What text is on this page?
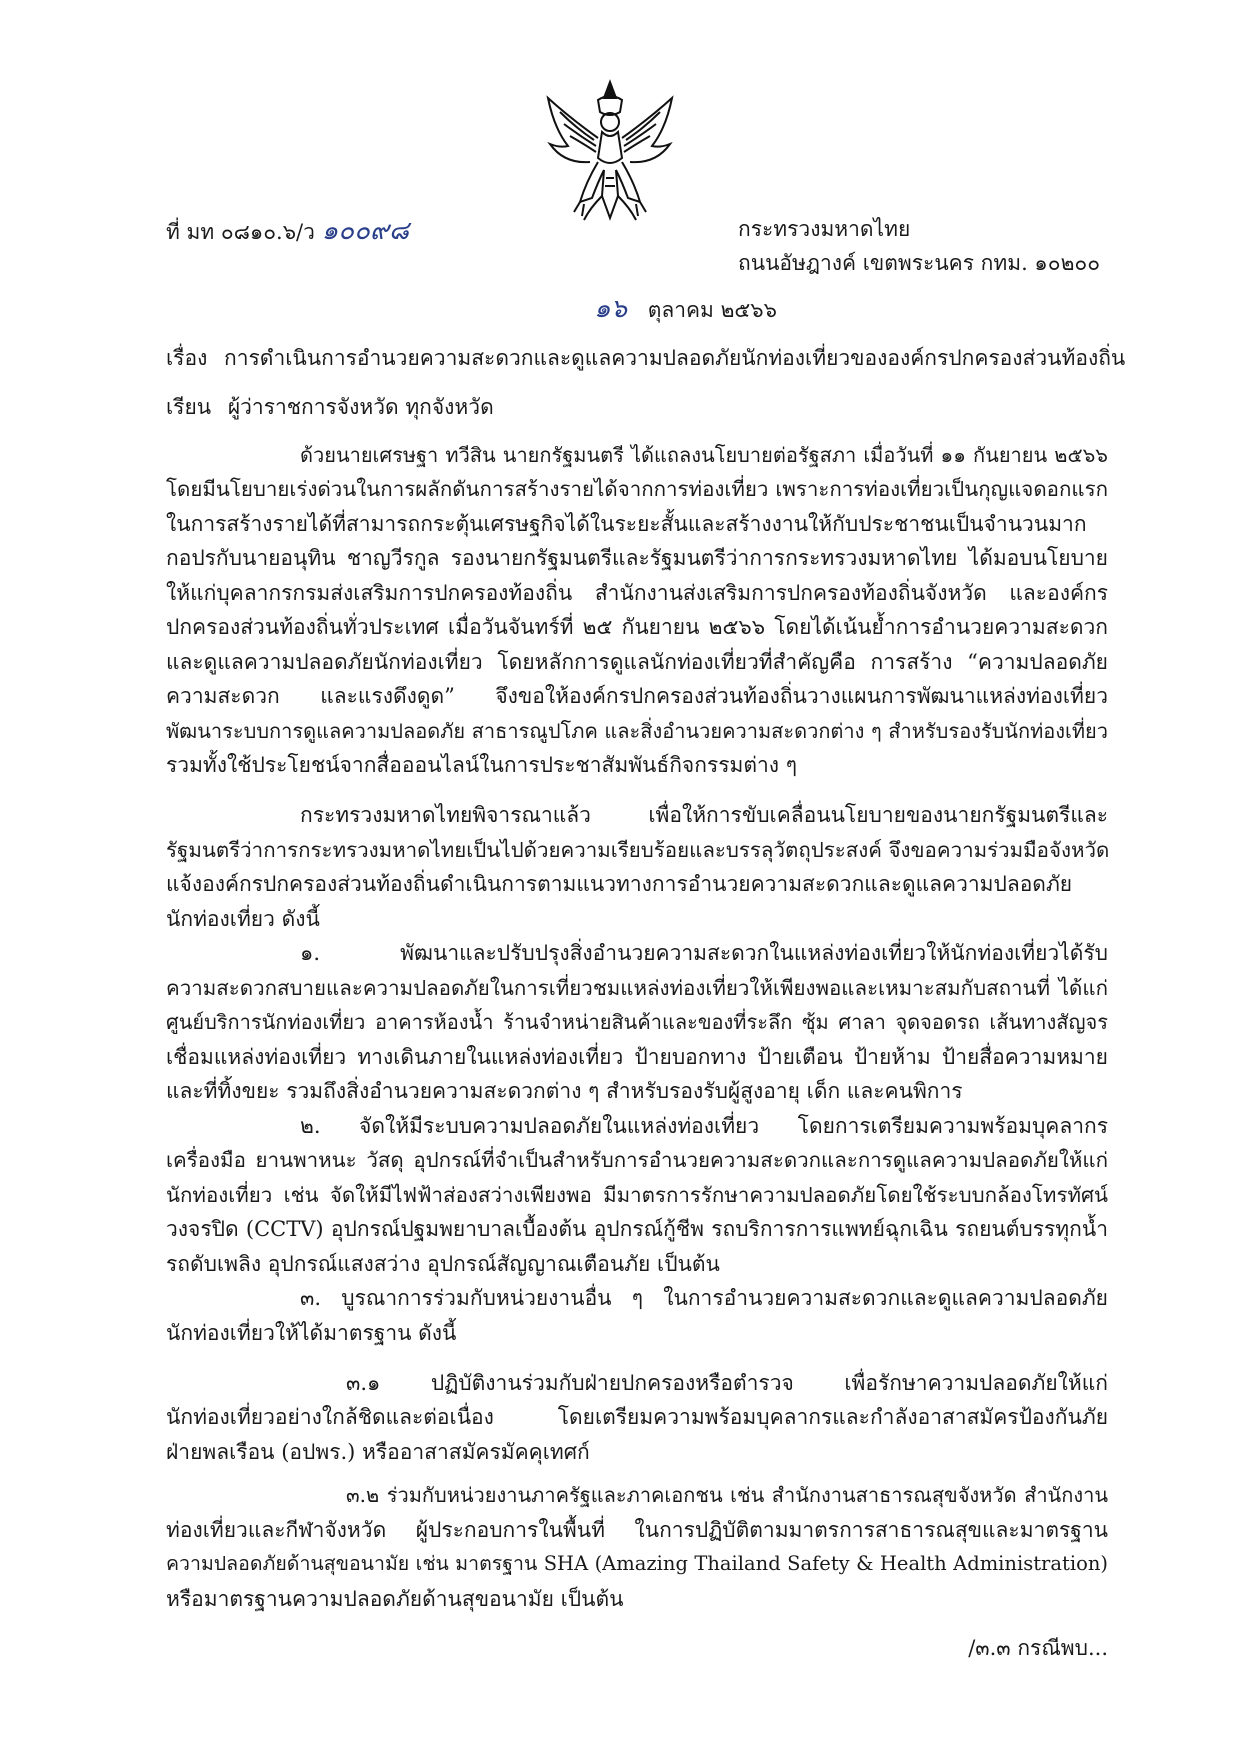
ที่ มท ๐๘๑๐.๖/ว ๑๐๐๙๘	กระทรวงมหาดไทย
ถนนอัษฎางค์ เขตพระนคร กทม. ๑๐๒๐๐
๑๖ ตุลาคม ๒๕๖๖
เรื่อง การดำเนินการอำนวยความสะดวกและดูแลความปลอดภัยนักท่องเที่ยวขององค์กรปกครองส่วนท้องถิ่น
เรียน ผู้ว่าราชการจังหวัด ทุกจังหวัด
ด้วยนายเศรษฐา ทวีสิน นายกรัฐมนตรี ได้แถลงนโยบายต่อรัฐสภา เมื่อวันที่ ๑๑ กันยายน ๒๕๖๖
โดยมีนโยบายเร่งด่วนในการผลักดันการสร้างรายได้จากการท่องเที่ยว เพราะการท่องเที่ยวเป็นกุญแจดอกแรก
ในการสร้างรายได้ที่สามารถกระตุ้นเศรษฐกิจได้ในระยะสั้นและสร้างงานให้กับประชาชนเป็นจำนวนมาก
กอปรกับนายอนุทิน ชาญวีรกูล รองนายกรัฐมนตรีและรัฐมนตรีว่าการกระทรวงมหาดไทย ได้มอบนโยบาย
ให้แก่บุคลากรกรมส่งเสริมการปกครองท้องถิ่น สำนักงานส่งเสริมการปกครองท้องถิ่นจังหวัด และองค์กร
ปกครองส่วนท้องถิ่นทั่วประเทศ เมื่อวันจันทร์ที่ ๒๕ กันยายน ๒๕๖๖ โดยได้เน้นย้ำการอำนวยความสะดวก
และดูแลความปลอดภัยนักท่องเที่ยว โดยหลักการดูแลนักท่องเที่ยวที่สำคัญคือ การสร้าง “ความปลอดภัย
ความสะดวก และแรงดึงดูด” จึงขอให้องค์กรปกครองส่วนท้องถิ่นวางแผนการพัฒนาแหล่งท่องเที่ยว
พัฒนาระบบการดูแลความปลอดภัย สาธารณูปโภค และสิ่งอำนวยความสะดวกต่าง ๆ สำหรับรองรับนักท่องเที่ยว
รวมทั้งใช้ประโยชน์จากสื่อออนไลน์ในการประชาสัมพันธ์กิจกรรมต่าง ๆ
กระทรวงมหาดไทยพิจารณาแล้ว เพื่อให้การขับเคลื่อนนโยบายของนายกรัฐมนตรีและ
รัฐมนตรีว่าการกระทรวงมหาดไทยเป็นไปด้วยความเรียบร้อยและบรรลุวัตถุประสงค์ จึงขอความร่วมมือจังหวัด
แจ้งองค์กรปกครองส่วนท้องถิ่นดำเนินการตามแนวทางการอำนวยความสะดวกและดูแลความปลอดภัย
นักท่องเที่ยว ดังนี้
๑. พัฒนาและปรับปรุงสิ่งอำนวยความสะดวกในแหล่งท่องเที่ยวให้นักท่องเที่ยวได้รับ
ความสะดวกสบายและความปลอดภัยในการเที่ยวชมแหล่งท่องเที่ยวให้เพียงพอและเหมาะสมกับสถานที่ ได้แก่
ศูนย์บริการนักท่องเที่ยว อาคารห้องน้ำ ร้านจำหน่ายสินค้าและของที่ระลึก ซุ้ม ศาลา จุดจอดรถ เส้นทางสัญจร
เชื่อมแหล่งท่องเที่ยว ทางเดินภายในแหล่งท่องเที่ยว ป้ายบอกทาง ป้ายเตือน ป้ายห้าม ป้ายสื่อความหมาย
และที่ทิ้งขยะ รวมถึงสิ่งอำนวยความสะดวกต่าง ๆ สำหรับรองรับผู้สูงอายุ เด็ก และคนพิการ
๒. จัดให้มีระบบความปลอดภัยในแหล่งท่องเที่ยว โดยการเตรียมความพร้อมบุคลากร
เครื่องมือ ยานพาหนะ วัสดุ อุปกรณ์ที่จำเป็นสำหรับการอำนวยความสะดวกและการดูแลความปลอดภัยให้แก่
นักท่องเที่ยว เช่น จัดให้มีไฟฟ้าส่องสว่างเพียงพอ มีมาตรการรักษาความปลอดภัยโดยใช้ระบบกล้องโทรทัศน์
วงจรปิด (CCTV) อุปกรณ์ปฐมพยาบาลเบื้องต้น อุปกรณ์กู้ชีพ รถบริการการแพทย์ฉุกเฉิน รถยนต์บรรทุกน้ำ
รถดับเพลิง อุปกรณ์แสงสว่าง อุปกรณ์สัญญาณเตือนภัย เป็นต้น
๓. บูรณาการร่วมกับหน่วยงานอื่น ๆ ในการอำนวยความสะดวกและดูแลความปลอดภัย
นักท่องเที่ยวให้ได้มาตรฐาน ดังนี้
๓.๑ ปฏิบัติงานร่วมกับฝ่ายปกครองหรือตำรวจ เพื่อรักษาความปลอดภัยให้แก่
นักท่องเที่ยวอย่างใกล้ชิดและต่อเนื่อง โดยเตรียมความพร้อมบุคลากรและกำลังอาสาสมัครป้องกันภัย
ฝ่ายพลเรือน (อปพร.) หรืออาสาสมัครมัคคุเทศก์
๓.๒ ร่วมกับหน่วยงานภาครัฐและภาคเอกชน เช่น สำนักงานสาธารณสุขจังหวัด สำนักงาน
ท่องเที่ยวและกีฬาจังหวัด ผู้ประกอบการในพื้นที่ ในการปฏิบัติตามมาตรการสาธารณสุขและมาตรฐาน
ความปลอดภัยด้านสุขอนามัย เช่น มาตรฐาน SHA (Amazing Thailand Safety & Health Administration)
หรือมาตรฐานความปลอดภัยด้านสุขอนามัย เป็นต้น
/๓.๓ กรณีพบ...
